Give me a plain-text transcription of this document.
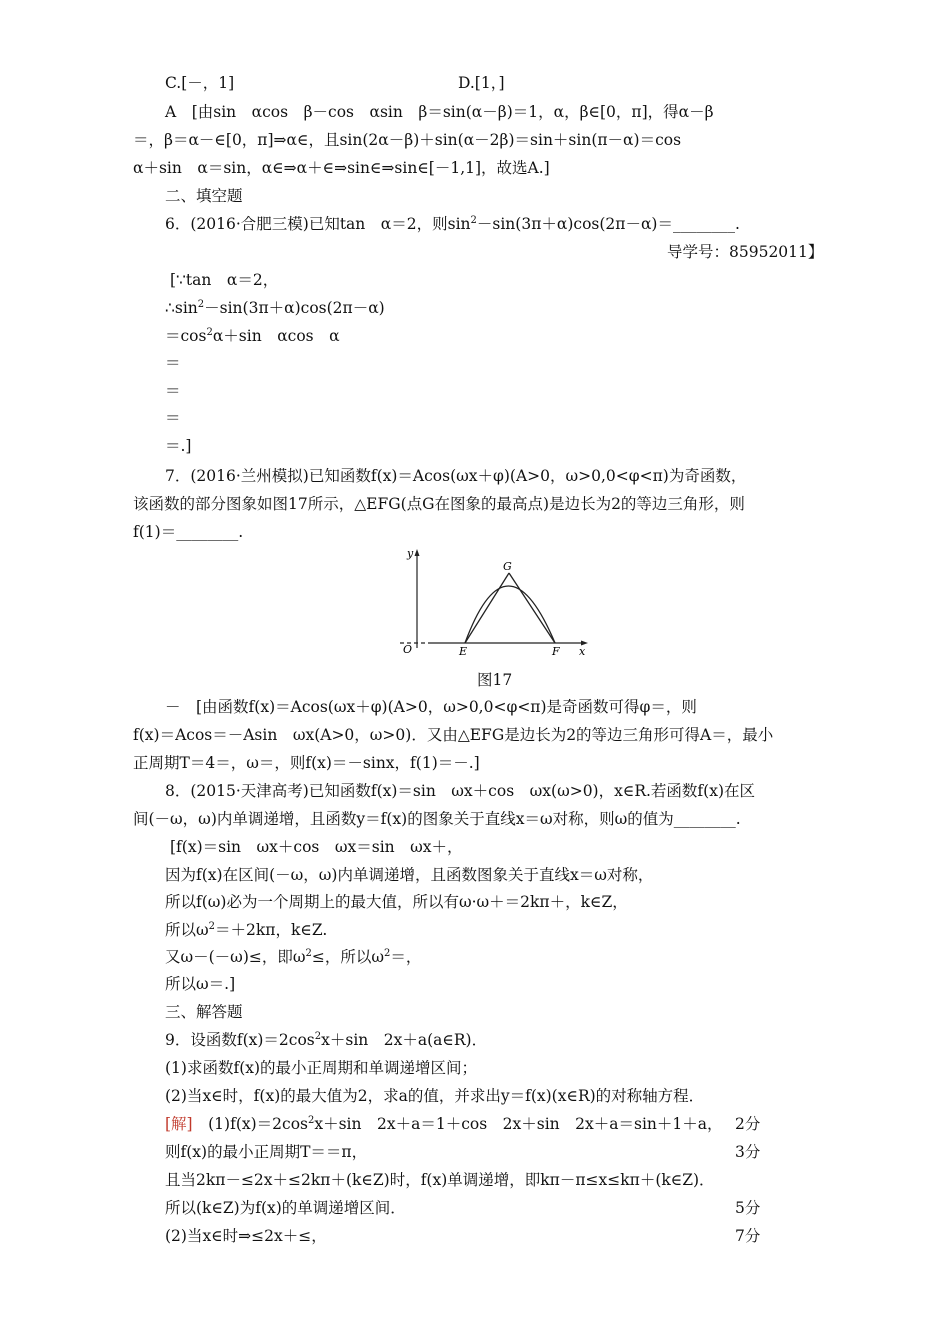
C.[－，1]	D.[1，]
A　[由sin　αcos　β－cos　αsin　β＝sin(α－β)＝1，α，β∈[0，π]，得α－β
＝，β＝α－∈[0，π]⇒α∈，且sin(2α－β)＋sin(α－2β)＝sin＋sin(π－α)＝cos
α＋sin　α＝sin，α∈⇒α＋∈⇒sin∈⇒sin∈[－1,1]，故选A.]
二、填空题
6．(2016·合肥三模)已知tan　α＝2，则$\sin^2-\sin(3\pi+\alpha)\cos(2\pi-\alpha)=\_\_\_\_\_\_\_\_$.
导学号：85952011】
[∵tan　α＝2，
$\therefore\sin^2-\sin(3\pi+\alpha)\cos(2\pi-\alpha)$
$=\cos^2\alpha+\sin$　αcos　α
＝
＝
＝
＝.]
7．(2016·兰州模拟)已知函数f(x)＝Acos(ωx＋φ)(A>0，ω>0,0<φ<π)为奇函数，
该函数的部分图象如图17所示，△EFG(点G在图象的最高点)是边长为2的等边三角形，则
f(1)＝________.
y
O	E	F
G
x
图17
－　[由函数f(x)＝Acos(ωx＋φ)(A>0，ω>0,0<φ<π)是奇函数可得φ＝，则
f(x)＝Acos＝－Asin　ωx(A>0，ω>0)．又由△EFG是边长为2的等边三角形可得A＝，最小
正周期T＝4＝，ω＝，则f(x)＝－sinx，f(1)＝－.]
8．(2015·天津高考)已知函数f(x)＝sin　ωx＋cos　ωx(ω>0)，x∈R.若函数f(x)在区
间(－ω，ω)内单调递增，且函数y＝f(x)的图象关于直线x＝ω对称，则ω的值为________.
[f(x)＝sin　ωx＋cos　ωx＝sin　ωx＋，
因为f(x)在区间(－ω，ω)内单调递增，且函数图象关于直线x＝ω对称，
所以f(ω)必为一个周期上的最大值，所以有ω·ω＋＝2kπ＋，k∈Z，
所以$\omega^2=+2k\pi$，k∈Z.
又ω－(－ω)≤，即$\omega^2\le$，所以$\omega^2=$，
所以ω＝.]
三、解答题
9．设函数$f(x)=2\cos^2x+\sin$　2x＋a(a∈R)．
(1)求函数f(x)的最小正周期和单调递增区间；
(2)当x∈时，f(x)的最大值为2，求a的值，并求出y＝f(x)(x∈R)的对称轴方程．
[解]　 $(1)f(x)=2\cos^2x+\sin$　2x＋a＝1＋cos　2x＋sin　2x＋a＝sin＋1＋a， 2分
则f(x)的最小正周期T＝＝π，	3分
且当2kπ－≤2x＋≤2kπ＋(k∈Z)时，f(x)单调递增，即kπ－π≤x≤kπ＋(k∈Z)．
所以(k∈Z)为f(x)的单调递增区间．	5分
(2)当x∈时⇒≤2x＋≤，	7分
